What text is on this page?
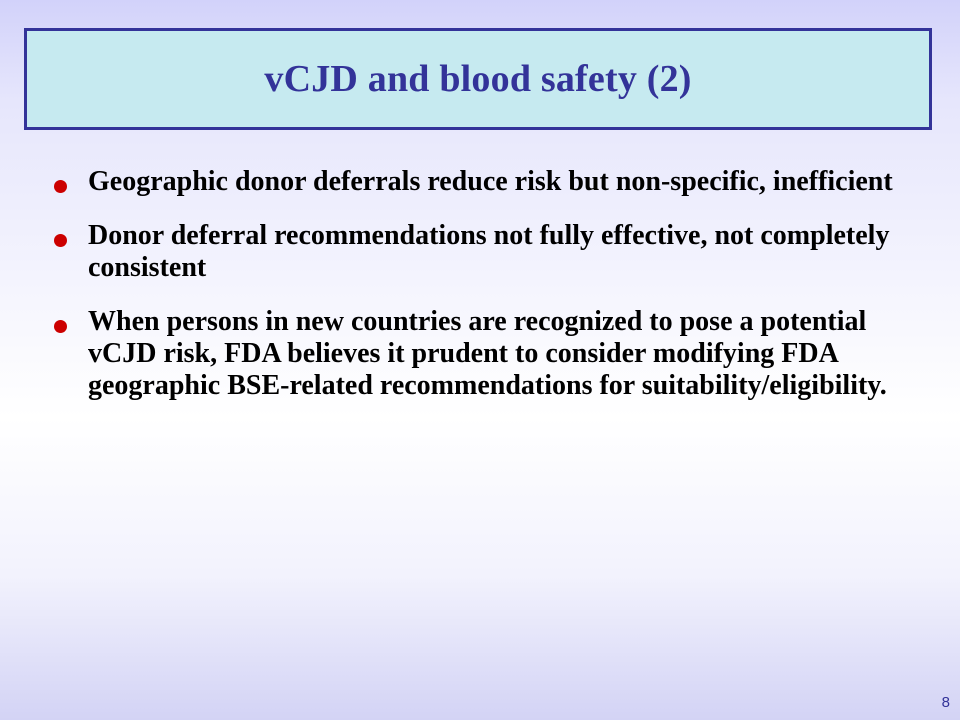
vCJD and blood safety (2)
Geographic donor deferrals reduce risk but non-specific, inefficient
Donor deferral recommendations not fully effective, not completely consistent
When persons in new countries are recognized to pose a potential vCJD risk, FDA believes it prudent to consider modifying FDA geographic BSE-related recommendations for suitability/eligibility.
8
